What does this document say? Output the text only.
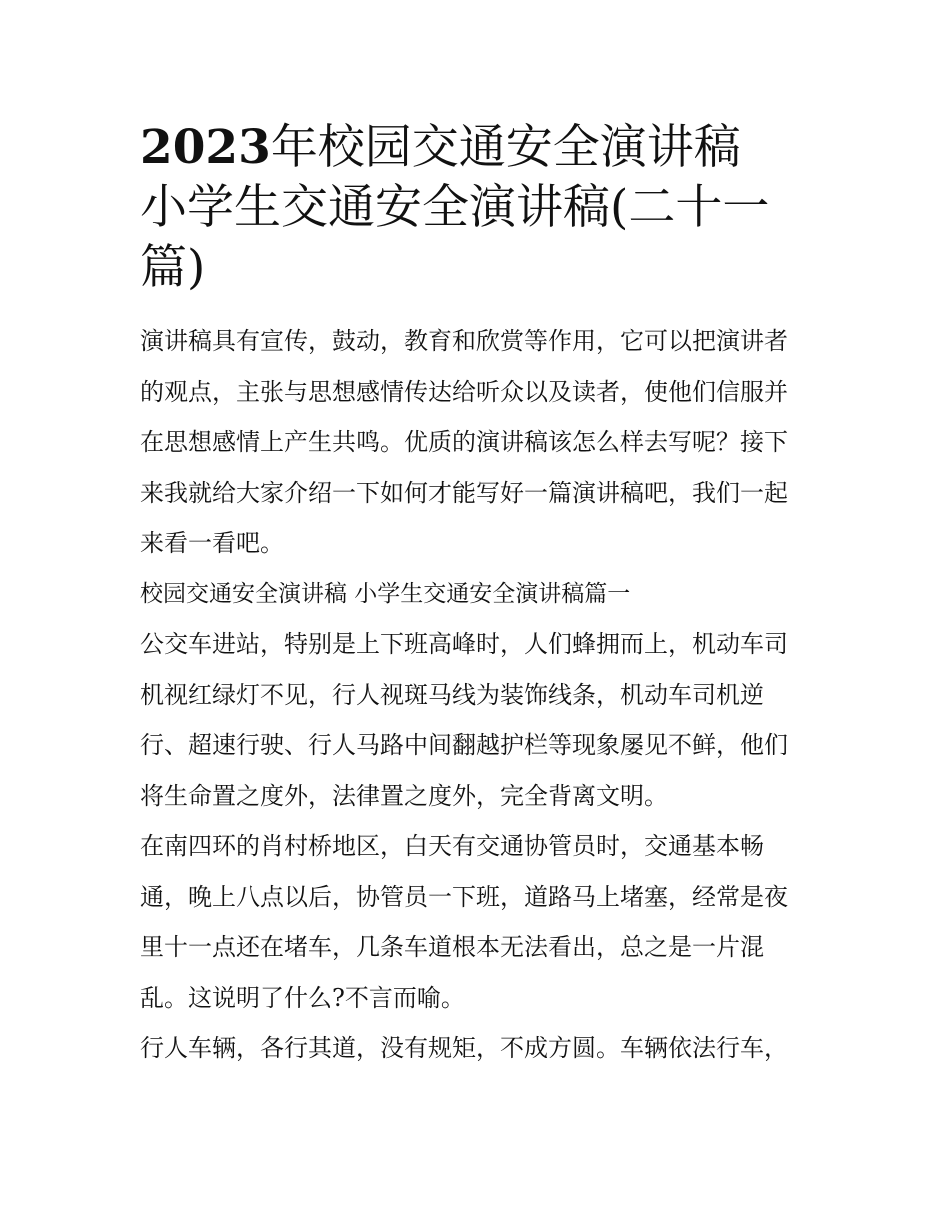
2023年校园交通安全演讲稿
小学生交通安全演讲稿(二十一
篇)

演讲稿具有宣传，鼓动，教育和欣赏等作用，它可以把演讲者
的观点，主张与思想感情传达给听众以及读者，使他们信服并
在思想感情上产生共鸣。优质的演讲稿该怎么样去写呢？接下
来我就给大家介绍一下如何才能写好一篇演讲稿吧，我们一起
来看一看吧。

校园交通安全演讲稿 小学生交通安全演讲稿篇一

公交车进站，特别是上下班高峰时，人们蜂拥而上，机动车司
机视红绿灯不见，行人视斑马线为装饰线条，机动车司机逆
行、超速行驶、行人马路中间翻越护栏等现象屡见不鲜，他们
将生命置之度外，法律置之度外，完全背离文明。

在南四环的肖村桥地区，白天有交通协管员时，交通基本畅
通，晚上八点以后，协管员一下班，道路马上堵塞，经常是夜
里十一点还在堵车，几条车道根本无法看出，总之是一片混
乱。这说明了什么?不言而喻。

行人车辆，各行其道，没有规矩，不成方圆。车辆依法行车，
